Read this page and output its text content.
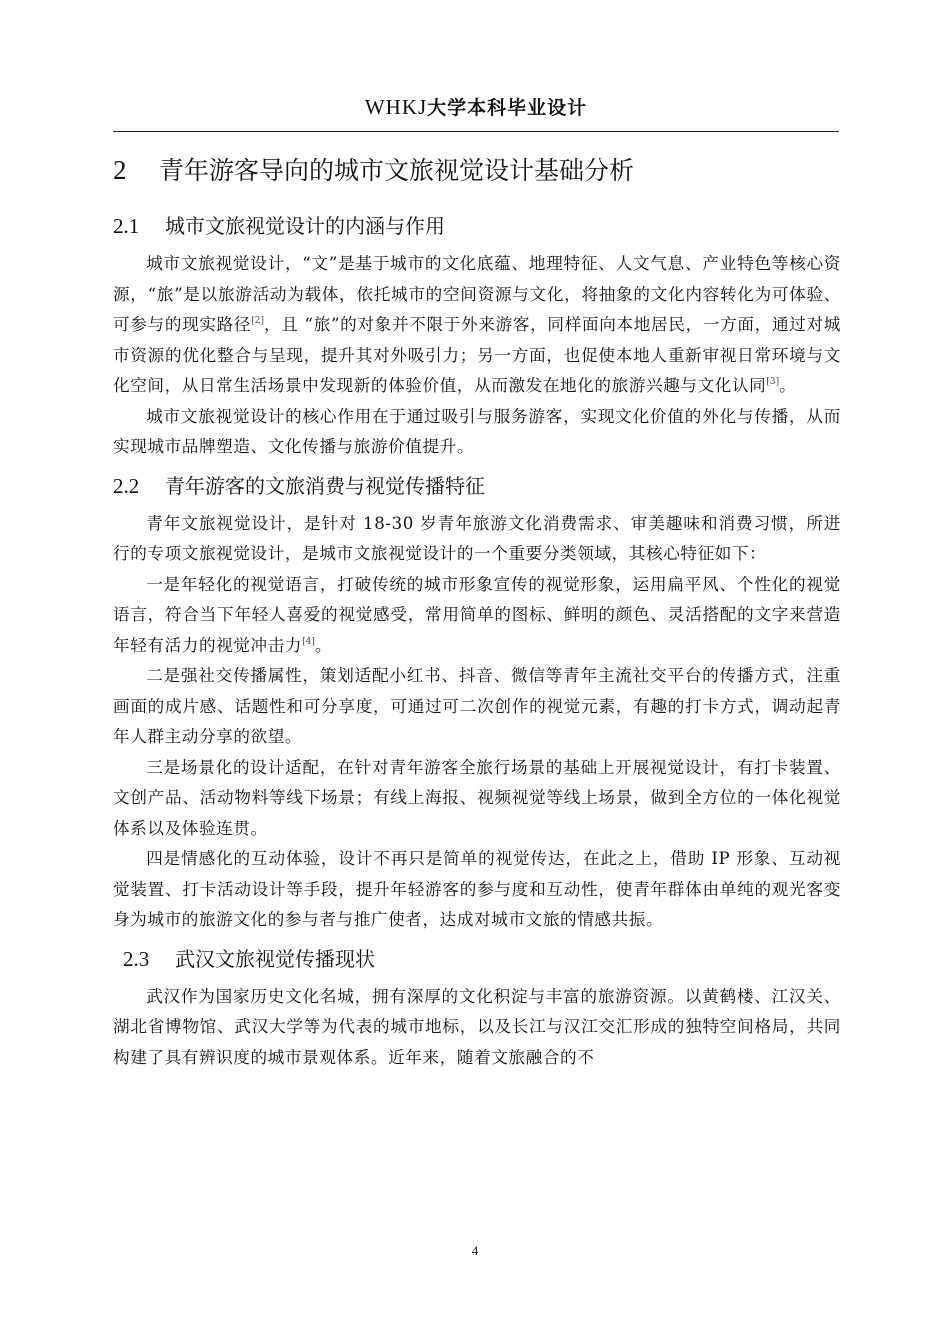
WHKJ大学本科毕业设计
2 青年游客导向的城市文旅视觉设计基础分析
2.1 城市文旅视觉设计的内涵与作用

城市文旅视觉设计，“文”是基于城市的文化底蕴、地理特征、人文气息、产业特色等核心资源，“旅”是以旅游活动为载体，依托城市的空间资源与文化，将抽象的文化内容转化为可体验、可参与的现实路径[2]，且 “旅”的对象并不限于外来游客，同样面向本地居民，一方面，通过对城市资源的优化整合与呈现，提升其对外吸引力；另一方面，也促使本地人重新审视日常环境与文化空间，从日常生活场景中发现新的体验价值，从而激发在地化的旅游兴趣与文化认同[3]。

城市文旅视觉设计的核心作用在于通过吸引与服务游客，实现文化价值的外化与传播，从而实现城市品牌塑造、文化传播与旅游价值提升。

2.2 青年游客的文旅消费与视觉传播特征

青年文旅视觉设计，是针对 18-30 岁青年旅游文化消费需求、审美趣味和消费习惯，所进行的专项文旅视觉设计，是城市文旅视觉设计的一个重要分类领域，其核心特征如下：

一是年轻化的视觉语言，打破传统的城市形象宣传的视觉形象，运用扁平风、个性化的视觉语言，符合当下年轻人喜爱的视觉感受，常用简单的图标、鲜明的颜色、灵活搭配的文字来营造年轻有活力的视觉冲击力[4]。

二是强社交传播属性，策划适配小红书、抖音、微信等青年主流社交平台的传播方式，注重画面的成片感、话题性和可分享度，可通过可二次创作的视觉元素，有趣的打卡方式，调动起青年人群主动分享的欲望。

三是场景化的设计适配，在针对青年游客全旅行场景的基础上开展视觉设计，有打卡装置、文创产品、活动物料等线下场景；有线上海报、视频视觉等线上场景，做到全方位的一体化视觉体系以及体验连贯。

四是情感化的互动体验，设计不再只是简单的视觉传达，在此之上，借助 IP 形象、互动视觉装置、打卡活动设计等手段，提升年轻游客的参与度和互动性，使青年群体由单纯的观光客变身为城市的旅游文化的参与者与推广使者，达成对城市文旅的情感共振。

2.3 武汉文旅视觉传播现状

武汉作为国家历史文化名城，拥有深厚的文化积淀与丰富的旅游资源。以黄鹤楼、江汉关、湖北省博物馆、武汉大学等为代表的城市地标，以及长江与汉江交汇形成的独特空间格局，共同构建了具有辨识度的城市景观体系。近年来，随着文旅融合的不

4
